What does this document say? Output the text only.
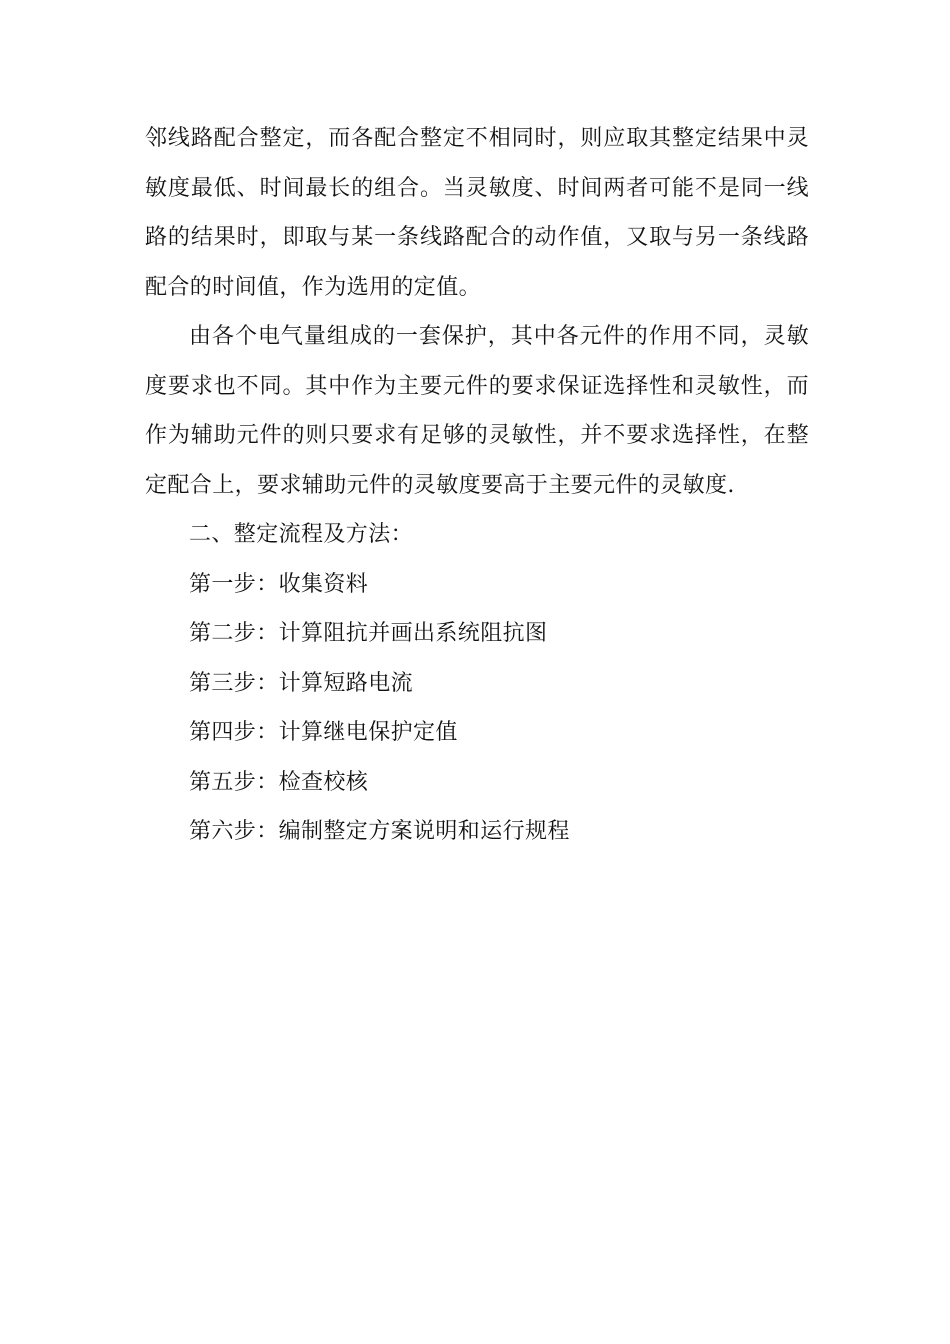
邻线路配合整定，而各配合整定不相同时，则应取其整定结果中灵敏度最低、时间最长的组合。当灵敏度、时间两者可能不是同一线路的结果时，即取与某一条线路配合的动作值，又取与另一条线路配合的时间值，作为选用的定值。

由各个电气量组成的一套保护，其中各元件的作用不同，灵敏度要求也不同。其中作为主要元件的要求保证选择性和灵敏性，而作为辅助元件的则只要求有足够的灵敏性，并不要求选择性，在整定配合上，要求辅助元件的灵敏度要高于主要元件的灵敏度.

二、整定流程及方法：

第一步：收集资料

第二步：计算阻抗并画出系统阻抗图

第三步：计算短路电流

第四步：计算继电保护定值

第五步：检查校核

第六步：编制整定方案说明和运行规程
